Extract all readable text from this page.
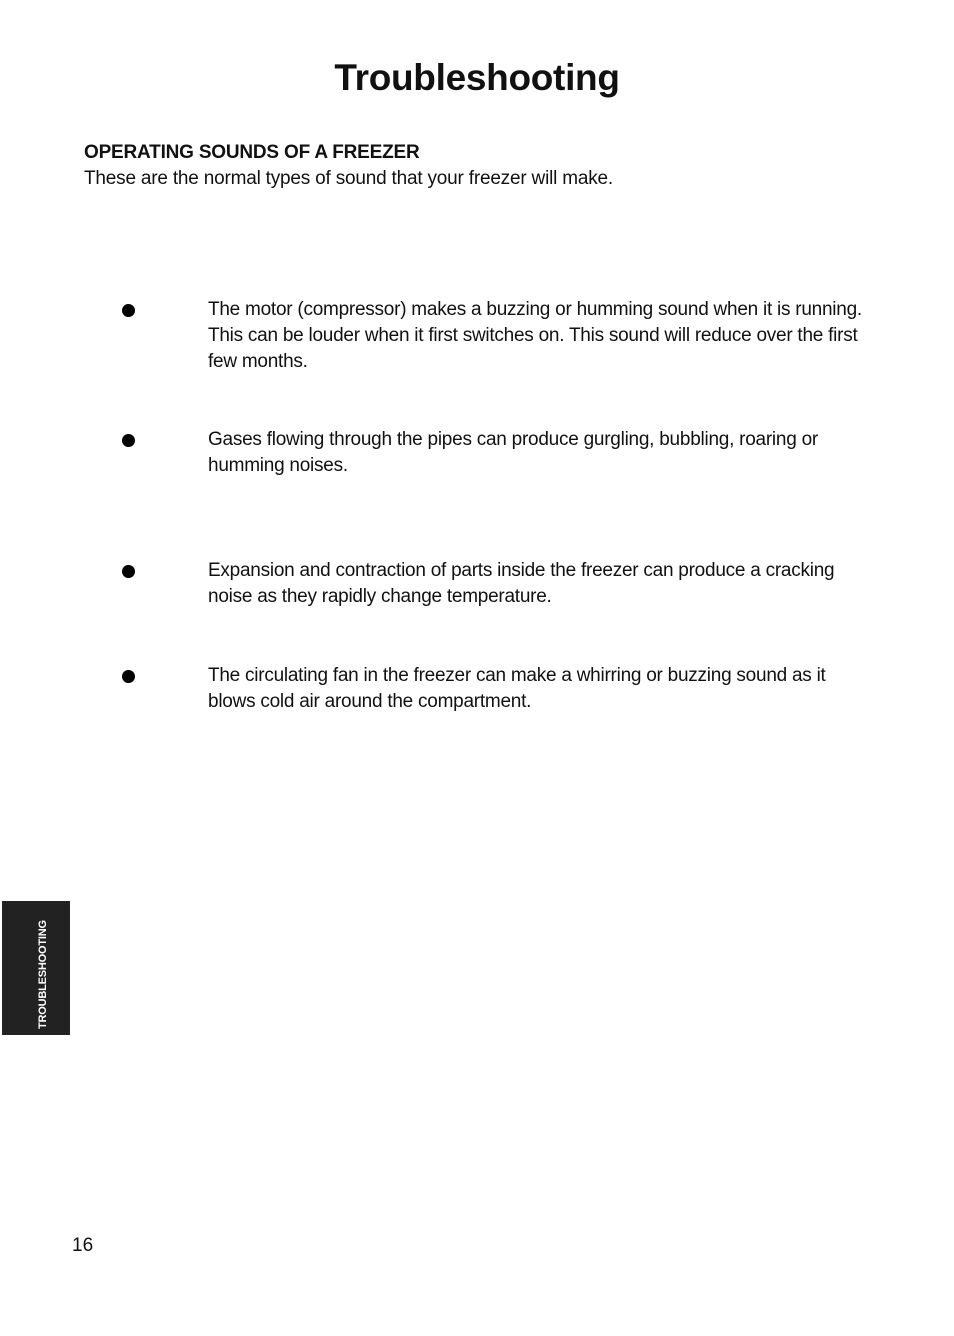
Troubleshooting
OPERATING SOUNDS OF A FREEZER
These are the normal types of sound that your freezer will make.
The motor (compressor) makes a buzzing or humming sound when it is running. This can be louder when it first switches on. This sound will reduce over the first few months.
Gases flowing through the pipes can produce gurgling, bubbling, roaring or humming noises.
Expansion and contraction of parts inside the freezer can produce a cracking noise as they rapidly change temperature.
The circulating fan in the freezer can make a whirring or buzzing sound as it blows cold air around the compartment.
TROUBLESHOOTING
16
